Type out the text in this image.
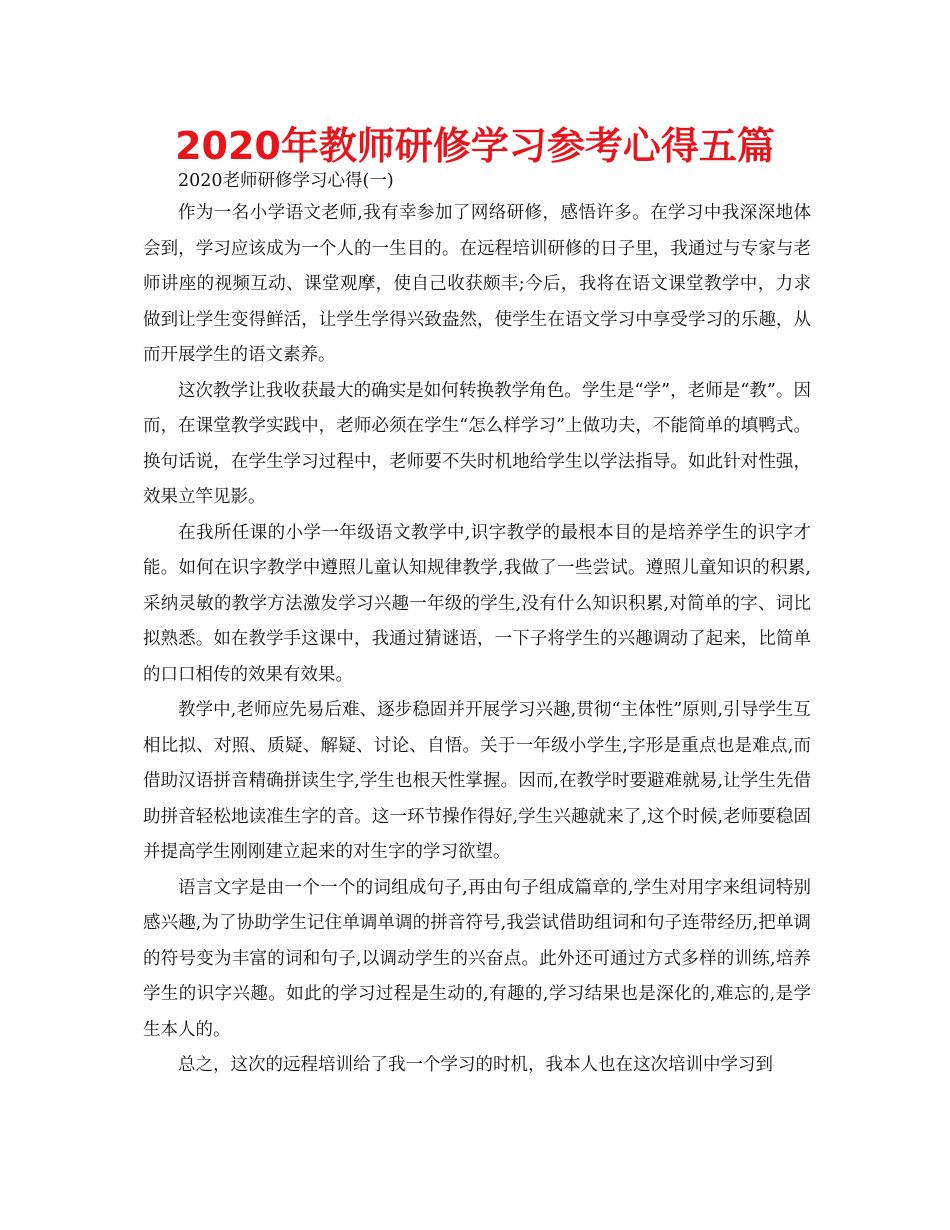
2020年教师研修学习参考心得五篇

2020老师研修学习心得(一)

作为一名小学语文老师,我有幸参加了网络研修，感悟许多。在学习中我深深地体会到，学习应该成为一个人的一生目的。在远程培训研修的日子里，我通过与专家与老师讲座的视频互动、课堂观摩，使自己收获颇丰;今后，我将在语文课堂教学中，力求做到让学生变得鲜活，让学生学得兴致盎然，使学生在语文学习中享受学习的乐趣，从而开展学生的语文素养。

这次教学让我收获最大的确实是如何转换教学角色。学生是“学”，老师是“教”。因而，在课堂教学实践中，老师必须在学生“怎么样学习”上做功夫，不能简单的填鸭式。换句话说，在学生学习过程中，老师要不失时机地给学生以学法指导。如此针对性强，效果立竿见影。

在我所任课的小学一年级语文教学中,识字教学的最根本目的是培养学生的识字才能。如何在识字教学中遵照儿童认知规律教学,我做了一些尝试。遵照儿童知识的积累,采纳灵敏的教学方法激发学习兴趣一年级的学生,没有什么知识积累,对简单的字、词比拟熟悉。如在教学手这课中，我通过猜谜语，一下子将学生的兴趣调动了起来，比简单的口口相传的效果有效果。

教学中,老师应先易后难、逐步稳固并开展学习兴趣,贯彻“主体性”原则,引导学生互相比拟、对照、质疑、解疑、讨论、自悟。关于一年级小学生,字形是重点也是难点,而借助汉语拼音精确拼读生字,学生也根天性掌握。因而,在教学时要避难就易,让学生先借助拼音轻松地读准生字的音。这一环节操作得好,学生兴趣就来了,这个时候,老师要稳固并提高学生刚刚建立起来的对生字的学习欲望。

语言文字是由一个一个的词组成句子,再由句子组成篇章的,学生对用字来组词特别感兴趣,为了协助学生记住单调单调的拼音符号,我尝试借助组词和句子连带经历,把单调的符号变为丰富的词和句子,以调动学生的兴奋点。此外还可通过方式多样的训练,培养学生的识字兴趣。如此的学习过程是生动的,有趣的,学习结果也是深化的,难忘的,是学生本人的。

总之，这次的远程培训给了我一个学习的时机，我本人也在这次培训中学习到
